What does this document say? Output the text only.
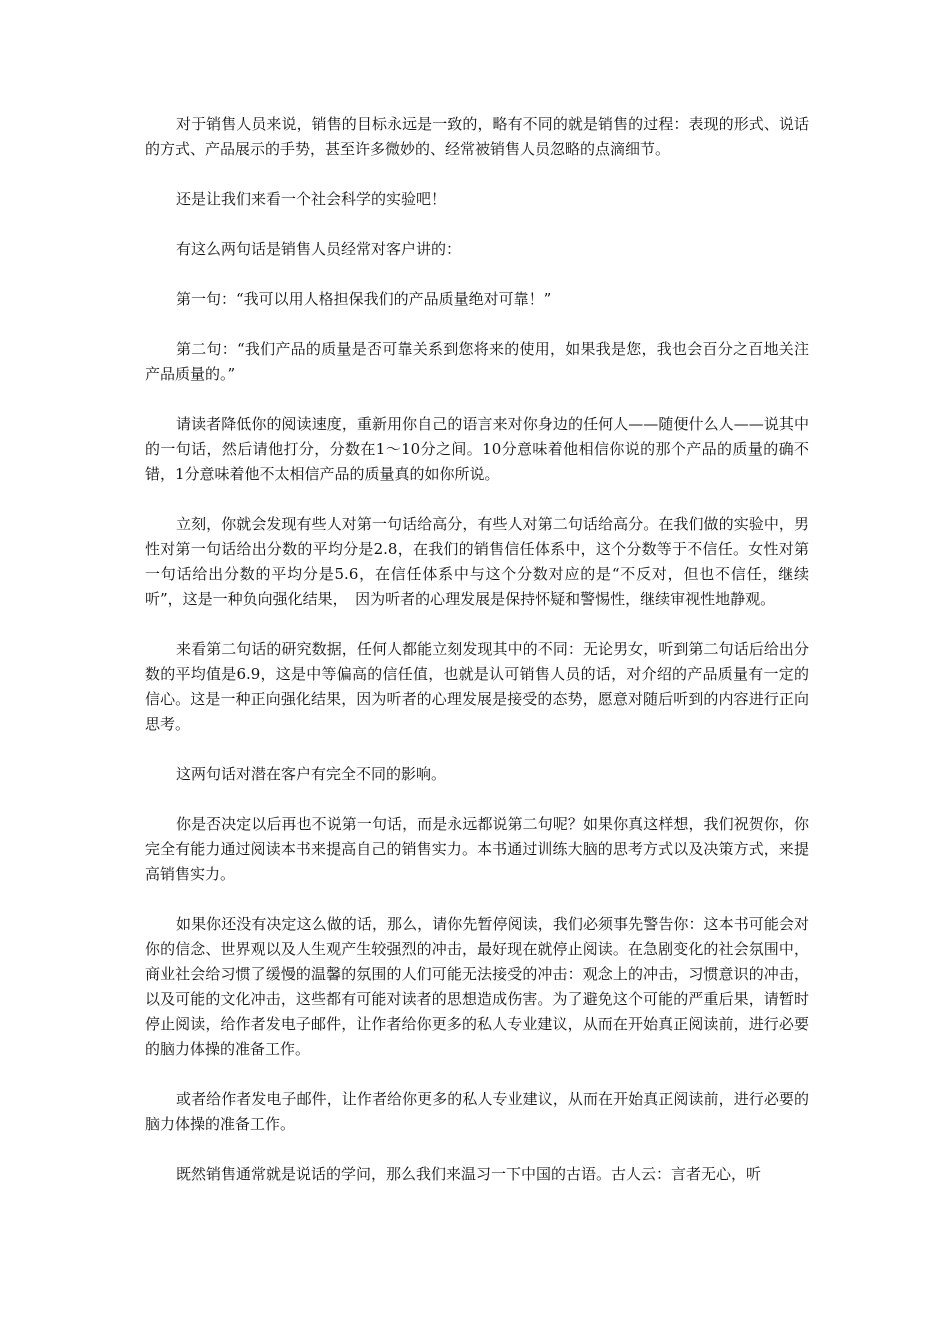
对于销售人员来说，销售的目标永远是一致的，略有不同的就是销售的过程：表现的形式、说话的方式、产品展示的手势，甚至许多微妙的、经常被销售人员忽略的点滴细节。

还是让我们来看一个社会科学的实验吧！

有这么两句话是销售人员经常对客户讲的：

第一句：“我可以用人格担保我们的产品质量绝对可靠！”

第二句：“我们产品的质量是否可靠关系到您将来的使用，如果我是您，我也会百分之百地关注产品质量的。”

请读者降低你的阅读速度，重新用你自己的语言来对你身边的任何人——随便什么人——说其中的一句话，然后请他打分，分数在1～10分之间。10分意味着他相信你说的那个产品的质量的确不错，1分意味着他不太相信产品的质量真的如你所说。

立刻，你就会发现有些人对第一句话给高分，有些人对第二句话给高分。在我们做的实验中，男性对第一句话给出分数的平均分是2.8，在我们的销售信任体系中，这个分数等于不信任。女性对第一句话给出分数的平均分是5.6，在信任体系中与这个分数对应的是“不反对，但也不信任，继续听”，这是一种负向强化结果，　因为听者的心理发展是保持怀疑和警惕性，继续审视性地静观。

来看第二句话的研究数据，任何人都能立刻发现其中的不同：无论男女，听到第二句话后给出分数的平均值是6.9，这是中等偏高的信任值，也就是认可销售人员的话，对介绍的产品质量有一定的信心。这是一种正向强化结果，因为听者的心理发展是接受的态势，愿意对随后听到的内容进行正向思考。

这两句话对潜在客户有完全不同的影响。

你是否决定以后再也不说第一句话，而是永远都说第二句呢？如果你真这样想，我们祝贺你，你完全有能力通过阅读本书来提高自己的销售实力。本书通过训练大脑的思考方式以及决策方式，来提高销售实力。

如果你还没有决定这么做的话，那么，请你先暂停阅读，我们必须事先警告你：这本书可能会对你的信念、世界观以及人生观产生较强烈的冲击，最好现在就停止阅读。在急剧变化的社会氛围中，商业社会给习惯了缓慢的温馨的氛围的人们可能无法接受的冲击：观念上的冲击，习惯意识的冲击，以及可能的文化冲击，这些都有可能对读者的思想造成伤害。为了避免这个可能的严重后果，请暂时停止阅读，给作者发电子邮件，让作者给你更多的私人专业建议，从而在开始真正阅读前，进行必要的脑力体操的准备工作。

或者给作者发电子邮件，让作者给你更多的私人专业建议，从而在开始真正阅读前，进行必要的脑力体操的准备工作。

既然销售通常就是说话的学问，那么我们来温习一下中国的古语。古人云：言者无心，听
